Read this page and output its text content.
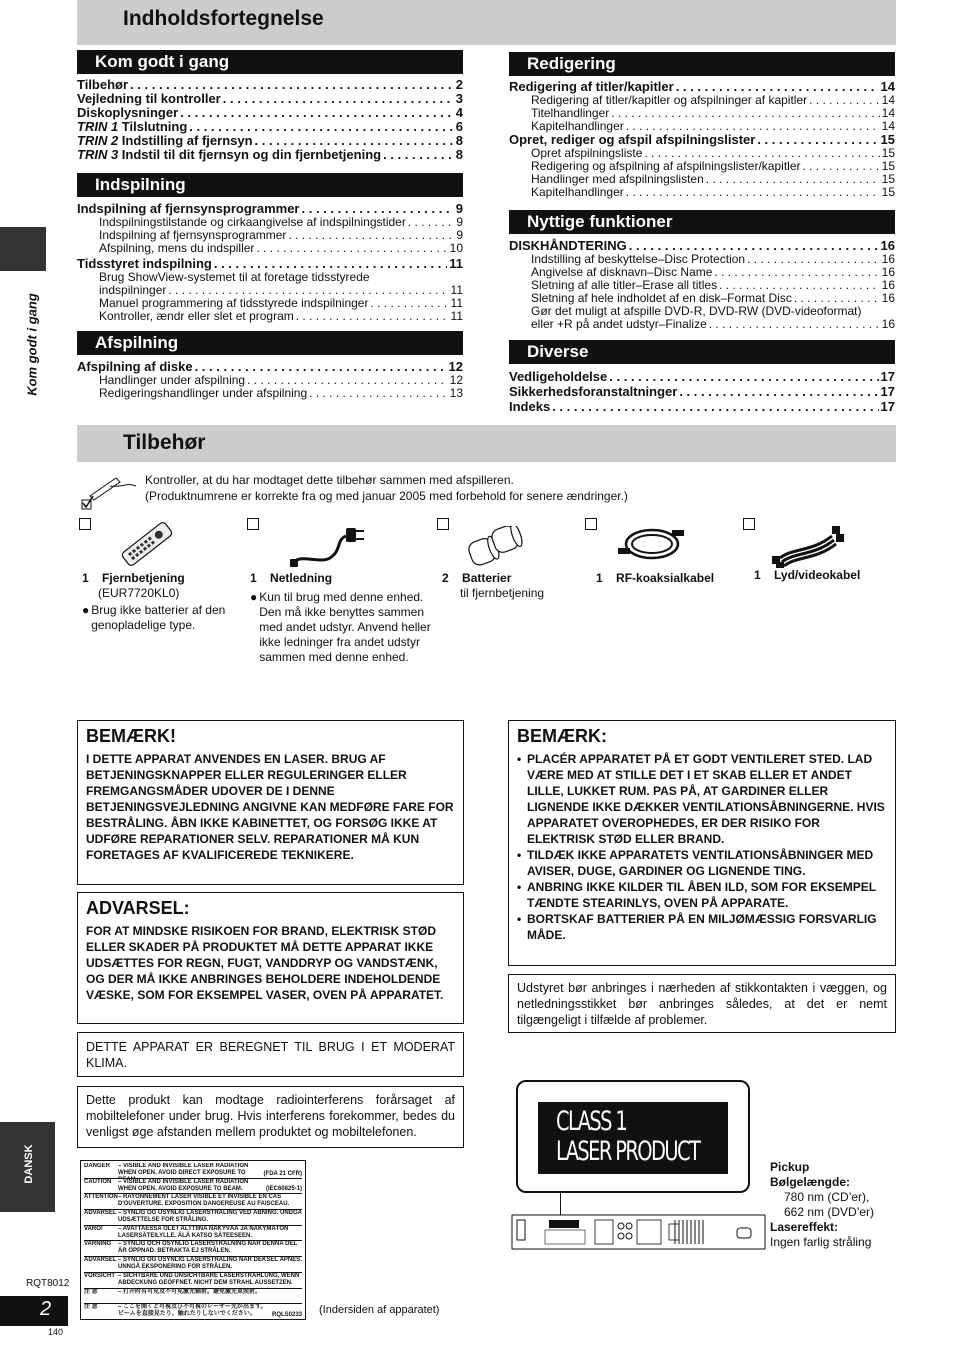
Indholdsfortegnelse
Kom godt i gang
Tilbehør . . .	2
Vejledning til kontroller . . .	3
Diskoplysninger . . .	4
TRIN 1
Tilslutning . . .	6
TRIN 2
Indstilling af fjernsyn . . .	8
TRIN 3
Indstil til dit fjernsyn og din fjernbetjening . . .	8
Indspilning
Indspilning af fjernsynsprogrammer . . .	9
Indspilningstilstande og cirkaangivelse af indspilningstider . . .	9
Indspilning af fjernsynsprogrammer . . .	9
Afspilning, mens du indspiller . . .	10
Tidsstyret indspilning . . .	11
Brug ShowView-systemet til at foretage tidsstyrede
indspilninger . . .	11
Manuel programmering af tidsstyrede indspilninger . . .	11
Kontroller, ændr eller slet et program . . .	11
Afspilning
Afspilning af diske . . .	12
Handlinger under afspilning . . .	12
Redigeringshandlinger under afspilning . . .	13
Redigering
Redigering af titler/kapitler . . .	14
Redigering af titler/kapitler og afspilninger af kapitler . . .	14
Titelhandlinger . . .	14
Kapitelhandlinger . . .	14
Opret, rediger og afspil afspilningslister . . .	15
Opret afspilningsliste . . .	15
Redigering og afspilning af afspilningslister/kapitler . . .	15
Handlinger med afspilningslisten . . .	15
Kapitelhandlinger . . .	15
Nyttige funktioner
DISKHÅNDTERING . . .	16
Indstilling af beskyttelse–Disc Protection . . .	16
Angivelse af disknavn–Disc Name . . .	16
Sletning af alle titler–Erase all titles . . .	16
Sletning af hele indholdet af en disk–Format Disc . . .	16
Gør det muligt at afspille DVD-R, DVD-RW (DVD-videoformat)
eller +R på andet udstyr–Finalize . . .	16
Diverse
Vedligeholdelse . . .	17
Sikkerhedsforanstaltninger . . .	17
Indeks . . .	17
Kom godt i gang
DANSK
RQT8012
2
140
Tilbehør
Kontroller, at du har modtaget dette tilbehør sammen med afspilleren.
(Produktnumrene er korrekte fra og med januar 2005 med forbehold for senere ændringer.)
1 Fjernbetjening
(EUR7720KL0)
● Brug ikke batterier af den genopladelige type.
1 Netledning
● Kun til brug med denne enhed. Den må ikke benyttes sammen med andet udstyr. Anvend heller ikke ledninger fra andet udstyr sammen med denne enhed.
2 Batterier
til fjernbetjening
1 RF-koaksialkabel	1 Lyd/videokabel
BEMÆRK!
I DETTE APPARAT ANVENDES EN LASER. BRUG AF BETJENINGSKNAPPER ELLER REGULERINGER ELLER FREMGANGSMÅDER UDOVER DE I DENNE BETJENINGSVEJLEDNING ANGIVNE KAN MEDFØRE FARE FOR BESTRÅLING. ÅBN IKKE KABINETTET, OG FORSØG IKKE AT UDFØRE REPARATIONER SELV. REPARATIONER MÅ KUN FORETAGES AF KVALIFICEREDE TEKNIKERE.
ADVARSEL:
FOR AT MINDSKE RISIKOEN FOR BRAND, ELEKTRISK STØD ELLER SKADER PÅ PRODUKTET MÅ DETTE APPARAT IKKE UDSÆTTES FOR REGN, FUGT, VANDDRYP OG VANDSTÆNK, OG DER MÅ IKKE ANBRINGES BEHOLDERE INDEHOLDENDE VÆSKE, SOM FOR EKSEMPEL VASER, OVEN PÅ APPARATET.
DETTE APPARAT ER BEREGNET TIL BRUG I ET MODERAT KLIMA.
Dette produkt kan modtage radiointerferens forårsaget af mobiltelefoner under brug. Hvis interferens forekommer, bedes du venligst øge afstanden mellem produktet og mobiltelefonen.
BEMÆRK:
• PLACÉR APPARATET PÅ ET GODT VENTILERET STED. LAD VÆRE MED AT STILLE DET I ET SKAB ELLER ET ANDET LILLE, LUKKET RUM. PAS PÅ, AT GARDINER ELLER LIGNENDE IKKE DÆKKER VENTILATIONSÅBNINGERNE. HVIS APPARATET OVEROPHEDES, ER DER RISIKO FOR ELEKTRISK STØD ELLER BRAND.
• TILDÆK IKKE APPARATETS VENTILATIONSÅBNINGER MED AVISER, DUGE, GARDINER OG LIGNENDE TING.
• ANBRING IKKE KILDER TIL ÅBEN ILD, SOM FOR EKSEMPEL TÆNDTE STEARINLYS, OVEN PÅ APPARATE.
• BORTSKAF BATTERIER PÅ EN MILJØMÆSSIG FORSVARLIG MÅDE.
Udstyret bør anbringes i nærheden af stikkontakten i væggen, og netledningsstikket bør anbringes således, at det er nemt tilgængeligt i tilfælde af problemer.
DANGER	– VISIBLE AND INVISIBLE LASER RADIATION WHEN OPEN. AVOID DIRECT EXPOSURE TO	(FDA 21 CFR)
CAUTION	– VISIBLE AND INVISIBLE LASER RADIATION WHEN OPEN. AVOID EXPOSURE TO BEAM.	(IEC60825-1)
ATTENTION – RAYONNEMENT LASER VISIBLE ET INVISIBLE EN CAS D'OUVERTURE. EXPOSITION DANGEREUSE AU FAISCEAU.
ADVARSEL – SYNLIG OG USYNLIG LASERSTRÅLING VED ÅBNING. UNDGÅ UDSÆTTELSE FOR STRÅLING.
VARO!	– AVATTAESSA OLET ALTTIINA NÄKYVÄÄ JA NÄKYMÄTÖN LASERSÄTEILYLLE. ÄLÄ KATSO SÄTEESEEN.
VARNING	– SYNLIG OCH OSYNLIG LASERSTRÅLNING NÄR DENNA DEL ÄR ÖPPNAD. BETRAKTA EJ STRÅLEN.
ADVARSEL – SYNLIG OG USYNLIG LASERSTRÅLING NÅR DEKSEL ÅPNES. UNNGÅ EKSPONERING FOR STRÅLEN.
VORSICHT – SICHTBARE UND UNSICHTBARE LASERSTRAHLUNG, WENN ABDECKUNG GEÖFFNET. NICHT DEM STRAHL AUSSETZEN.
注 意	– 打开时有可见及不可见激光辐射。避免激光束照射。
注 意	– ここを開くと可視及び不可視のレーザー光が出ます。ビームを直接見たり、触れたりしないでください。	RQLS0233 (Indersiden af apparatet)
CLASS 1
LASER PRODUCT	Pickup
Bølgelængde:
780 nm (CD’er),
662 nm (DVD’er)
Lasereffekt:
Ingen farlig stråling
